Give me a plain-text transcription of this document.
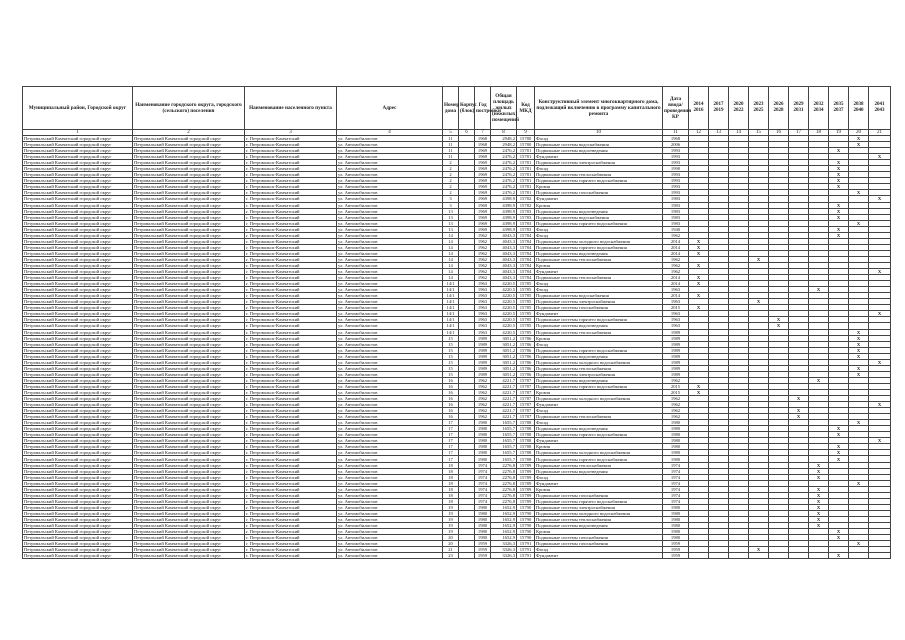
Муниципальный район, Городской округ	Наименование городского округа, городского (сельского) поселения	Наименование населенного пункта	Адрес	Номер дома	Корпус (блок)	Год постройки	Общая площадь жилых (нежилых) помещений	Код МКД	Конструктивный элемент многоквартирного дома, подлежащий включению в программу капитального ремонта	Дата ввода/проведения КР	2014 2016	2017 2019	2020 2022	2023 2025	2026 2028	2029 2031	2032 2034	2035 2037	2038 2040	2041 2043
1	2	3	4	5	6	7	8	9	10	11	12	13	14	15	16	17	18	19	20	21
Петровальский Камчатский городской округ	Петровальский Камчатский городской округ	г. Петровальск-Камчатский	ул. Автомобилистов	11		1968	2948,2	15780	Фасад	1968									X	
Петровальский Камчатский городской округ	Петровальский Камчатский городской округ	г. Петровальск-Камчатский	ул. Автомобилистов	11		1968	2948,2	15780	Подвальные системы водоснабжения	2006									X	
Петровальский Камчатский городской округ	Петровальский Камчатский городской округ	г. Петровальск-Камчатский	ул. Автомобилистов	11		1969	2476,2	15781	Подвальные системы водоотведения	1993								X		
Петровальский Камчатский городской округ	Петровальский Камчатский городской округ	г. Петровальск-Камчатский	ул. Автомобилистов	11		1969	2476,2	15781	Фундамент	1993										X
Петровальский Камчатский городской округ	Петровальский Камчатский городской округ	г. Петровальск-Камчатский	ул. Автомобилистов	2		1969	2476,2	15781	Подвальные системы электроснабжения	1993								X		
Петровальский Камчатский городской округ	Петровальский Камчатский городской округ	г. Петровальск-Камчатский	ул. Автомобилистов	2		1969	2476,2	15781	Фасад	1990								X		
Петровальский Камчатский городской округ	Петровальский Камчатский городской округ	г. Петровальск-Камчатский	ул. Автомобилистов	2		1969	2476,2	15781	Подвальные системы теплоснабжения	1993								X		
Петровальский Камчатский городской округ	Петровальский Камчатский городской округ	г. Петровальск-Камчатский	ул. Автомобилистов	2		1969	2476,2	15781	Подвальные системы горячего водоснабжения	1993								X		
Петровальский Камчатский городской округ	Петровальский Камчатский городской округ	г. Петровальск-Камчатский	ул. Автомобилистов	2		1969	2476,2	15781	Кровля	1993								X		
Петровальский Камчатский городской округ	Петровальский Камчатский городской округ	г. Петровальск-Камчатский	ул. Автомобилистов	2		1969	2476,2	15781	Подвальные системы газоснабжения	1993									X	
Петровальский Камчатский городской округ	Петровальский Камчатский городской округ	г. Петровальск-Камчатский	ул. Автомобилистов	3		1969	4398,9	15782	Фундамент	1983										X
Петровальский Камчатский городской округ	Петровальский Камчатский городской округ	г. Петровальск-Камчатский	ул. Автомобилистов	3		1969	4398,9	15782	Кровля	1983								X		
Петровальский Камчатский городской округ	Петровальский Камчатский городской округ	г. Петровальск-Камчатский	ул. Автомобилистов	13		1969	4398,9	15783	Подвальные системы водоотведения	1983								X		
Петровальский Камчатский городской округ	Петровальский Камчатский городской округ	г. Петровальск-Камчатский	ул. Автомобилистов	13		1969	4398,9	15783	Подвальные системы водоснабжения	1983								X		
Петровальский Камчатский городской округ	Петровальский Камчатский городской округ	г. Петровальск-Камчатский	ул. Автомобилистов	13		1969	4398,9	15783	Подвальные системы горячего водоснабжения	1983									X	
Петровальский Камчатский городской округ	Петровальский Камчатский городской округ	г. Петровальск-Камчатский	ул. Автомобилистов	13		1969	4398,9	15783	Фасад	1940								X		
Петровальский Камчатский городской округ	Петровальский Камчатский городской округ	г. Петровальск-Камчатский	ул. Автомобилистов	14		1962	4043,3	15784	Фасад	1962								X		
Петровальский Камчатский городской округ	Петровальский Камчатский городской округ	г. Петровальск-Камчатский	ул. Автомобилистов	14		1962	4043,3	15784	Подвальные системы холодного водоснабжения	2014	X									
Петровальский Камчатский городской округ	Петровальский Камчатский городской округ	г. Петровальск-Камчатский	ул. Автомобилистов	14		1962	4043,3	15784	Подвальные системы горячего водоснабжения	2014	X									
Петровальский Камчатский городской округ	Петровальский Камчатский городской округ	г. Петровальск-Камчатский	ул. Автомобилистов	14		1962	4043,3	15784	Подвальные системы водоотведения	2014	X									
Петровальский Камчатский городской округ	Петровальский Камчатский городской округ	г. Петровальск-Камчатский	ул. Автомобилистов	14		1962	4043,3	15784	Подвальные системы теплоснабжения	1962				X						
Петровальский Камчатский городской округ	Петровальский Камчатский городской округ	г. Петровальск-Камчатский	ул. Автомобилистов	14		1962	4043,3	15784	Кровля	1962	X									
Петровальский Камчатский городской округ	Петровальский Камчатский городской округ	г. Петровальск-Камчатский	ул. Автомобилистов	14		1962	4043,3	15784	Фундамент	1962										X
Петровальский Камчатский городской округ	Петровальский Камчатский городской округ	г. Петровальск-Камчатский	ул. Автомобилистов	14		1962	4043,3	15784	Подвальные системы теплоснабжения	2014	X									
Петровальский Камчатский городской округ	Петровальский Камчатский городской округ	г. Петровальск-Камчатский	ул. Автомобилистов	14/1		1963	4220,5	15785	Фасад	2014	X									
Петровальский Камчатский городской округ	Петровальский Камчатский городской округ	г. Петровальск-Камчатский	ул. Автомобилистов	14/1		1963	4220,5	15785	Фасад	1963							X			
Петровальский Камчатский городской округ	Петровальский Камчатский городской округ	г. Петровальск-Камчатский	ул. Автомобилистов	14/1		1963	4220,5	15785	Подвальные системы водоснабжения	2014	X									
Петровальский Камчатский городской округ	Петровальский Камчатский городской округ	г. Петровальск-Камчатский	ул. Автомобилистов	14/1		1963	4220,5	15785	Подвальные системы электроснабжения	1963				X						
Петровальский Камчатский городской округ	Петровальский Камчатский городской округ	г. Петровальск-Камчатский	ул. Автомобилистов	14/1		1963	4220,5	15785	Подвальные системы газоснабжения	2015	X									
Петровальский Камчатский городской округ	Петровальский Камчатский городской округ	г. Петровальск-Камчатский	ул. Автомобилистов	14/1		1963	4220,5	15785	Фундамент	1963										X
Петровальский Камчатский городской округ	Петровальский Камчатский городской округ	г. Петровальск-Камчатский	ул. Автомобилистов	14/1		1963	4220,5	15785	Подвальные системы горячего водоснабжения	1963					X					
Петровальский Камчатский городской округ	Петровальский Камчатский городской округ	г. Петровальск-Камчатский	ул. Автомобилистов	14/1		1963	4220,5	15785	Подвальные системы водоотведения	1963					X					
Петровальский Камчатский городской округ	Петровальский Камчатский городской округ	г. Петровальск-Камчатский	ул. Автомобилистов	14/1		1963	4220,5	15785	Подвальные системы теплоснабжения	1989									X	
Петровальский Камчатский городской округ	Петровальский Камчатский городской округ	г. Петровальск-Камчатский	ул. Автомобилистов	15		1989	3051,2	15786	Кровля	1989									X	
Петровальский Камчатский городской округ	Петровальский Камчатский городской округ	г. Петровальск-Камчатский	ул. Автомобилистов	15		1989	3051,2	15786	Фасад	1989									X	
Петровальский Камчатский городской округ	Петровальский Камчатский городской округ	г. Петровальск-Камчатский	ул. Автомобилистов	15		1989	3051,2	15786	Подвальные системы горячего водоснабжения	1989									X	
Петровальский Камчатский городской округ	Петровальский Камчатский городской округ	г. Петровальск-Камчатский	ул. Автомобилистов	15		1989	3051,2	15786	Подвальные системы водоотведения	1989									X	
Петровальский Камчатский городской округ	Петровальский Камчатский городской округ	г. Петровальск-Камчатский	ул. Автомобилистов	15		1989	3051,2	15786	Подвальные системы холодного водоснабжения	1989										X
Петровальский Камчатский городской округ	Петровальский Камчатский городской округ	г. Петровальск-Камчатский	ул. Автомобилистов	15		1989	3051,2	15786	Подвальные системы теплоснабжения	1989									X	
Петровальский Камчатский городской округ	Петровальский Камчатский городской округ	г. Петровальск-Камчатский	ул. Автомобилистов	15		1989	3051,2	15786	Подвальные системы электроснабжения	1989									X	
Петровальский Камчатский городской округ	Петровальский Камчатский городской округ	г. Петровальск-Камчатский	ул. Автомобилистов	16		1962	4221,7	15787	Подвальные системы водоотведения	1962							X			
Петровальский Камчатский городской округ	Петровальский Камчатский городской округ	г. Петровальск-Камчатский	ул. Автомобилистов	16		1962	4221,7	15787	Подвальные системы горячего водоснабжения	2015	X									
Петровальский Камчатский городской округ	Петровальский Камчатский городской округ	г. Петровальск-Камчатский	ул. Автомобилистов	16		1962	4221,7	15787	Кровля	2015	X									
Петровальский Камчатский городской округ	Петровальский Камчатский городской округ	г. Петровальск-Камчатский	ул. Автомобилистов	16		1962	4221,7	15787	Подвальные системы холодного водоснабжения	1962						X				
Петровальский Камчатский городской округ	Петровальский Камчатский городской округ	г. Петровальск-Камчатский	ул. Автомобилистов	16		1962	4221,7	15787	Фундамент	1962										X
Петровальский Камчатский городской округ	Петровальский Камчатский городской округ	г. Петровальск-Камчатский	ул. Автомобилистов	16		1962	4221,7	15787	Фасад	1962						X				
Петровальский Камчатский городской округ	Петровальский Камчатский городской округ	г. Петровальск-Камчатский	ул. Автомобилистов	16		1962	4221,7	15787	Подвальные системы теплоснабжения	1962						X				
Петровальский Камчатский городской округ	Петровальский Камчатский городской округ	г. Петровальск-Камчатский	ул. Автомобилистов	17		1980	1655,7	15788	Фасад	1980									X	
Петровальский Камчатский городской округ	Петровальский Камчатский городской округ	г. Петровальск-Камчатский	ул. Автомобилистов	17		1980	1655,7	15788	Подвальные системы водоотведения	1980								X		
Петровальский Камчатский городской округ	Петровальский Камчатский городской округ	г. Петровальск-Камчатский	ул. Автомобилистов	17		1980	1655,7	15788	Подвальные системы горячего водоснабжения	1980								X		
Петровальский Камчатский городской округ	Петровальский Камчатский городской округ	г. Петровальск-Камчатский	ул. Автомобилистов	17		1980	1655,7	15788	Фундамент	1980										X
Петровальский Камчатский городской округ	Петровальский Камчатский городской округ	г. Петровальск-Камчатский	ул. Автомобилистов	17		1980	1655,7	15788	Кровля	1980								X		
Петровальский Камчатский городской округ	Петровальский Камчатский городской округ	г. Петровальск-Камчатский	ул. Автомобилистов	17		1980	1655,7	15788	Подвальные системы холодного водоснабжения	1980								X		
Петровальский Камчатский городской округ	Петровальский Камчатский городской округ	г. Петровальск-Камчатский	ул. Автомобилистов	17		1980	1655,7	15788	Подвальные системы горячего водоснабжения	1980								X		
Петровальский Камчатский городской округ	Петровальский Камчатский городской округ	г. Петровальск-Камчатский	ул. Автомобилистов	18		1974	2276,8	15789	Подвальные системы теплоснабжения	1974							X			
Петровальский Камчатский городской округ	Петровальский Камчатский городской округ	г. Петровальск-Камчатский	ул. Автомобилистов	18		1974	2276,8	15789	Подвальные системы водоотведения	1974							X			
Петровальский Камчатский городской округ	Петровальский Камчатский городской округ	г. Петровальск-Камчатский	ул. Автомобилистов	18		1974	2276,8	15789	Фасад	1974							X			
Петровальский Камчатский городской округ	Петровальский Камчатский городской округ	г. Петровальск-Камчатский	ул. Автомобилистов	18		1974	2276,8	15789	Фундамент	1974									X	
Петровальский Камчатский городской округ	Петровальский Камчатский городской округ	г. Петровальск-Камчатский	ул. Автомобилистов	18		1974	2276,8	15789	Кровля	1974							X			
Петровальский Камчатский городской округ	Петровальский Камчатский городской округ	г. Петровальск-Камчатский	ул. Автомобилистов	18		1974	2276,8	15789	Подвальные системы газоснабжения	1974							X			
Петровальский Камчатский городской округ	Петровальский Камчатский городской округ	г. Петровальск-Камчатский	ул. Автомобилистов	18		1974	2276,8	15789	Подвальные системы горячего водоснабжения	1974							X			
Петровальский Камчатский городской округ	Петровальский Камчатский городской округ	г. Петровальск-Камчатский	ул. Автомобилистов	19		1980	1652,9	15790	Подвальные системы электроснабжения	1980							X			
Петровальский Камчатский городской округ	Петровальский Камчатский городской округ	г. Петровальск-Камчатский	ул. Автомобилистов	19		1980	1652,9	15790	Подвальные системы холодного водоснабжения	1980							X			
Петровальский Камчатский городской округ	Петровальский Камчатский городской округ	г. Петровальск-Камчатский	ул. Автомобилистов	19		1980	1652,9	15790	Подвальные системы теплоснабжения	1980							X			
Петровальский Камчатский городской округ	Петровальский Камчатский городской округ	г. Петровальск-Камчатский	ул. Автомобилистов	19		1980	1652,9	15790	Подвальные системы водоотведения	1980							X			
Петровальский Камчатский городской округ	Петровальский Камчатский городской округ	г. Петровальск-Камчатский	ул. Автомобилистов	19		1980	1652,9	15790	Кровля	1980								X		
Петровальский Камчатский городской округ	Петровальский Камчатский городской округ	г. Петровальск-Камчатский	ул. Автомобилистов	20		1980	1652,9	15790	Подвальные системы газоснабжения	1980								X		
Петровальский Камчатский городской округ	Петровальский Камчатский городской округ	г. Петровальск-Камчатский	ул. Автомобилистов	20		1959	3326,3	15791	Подвальные системы газоснабжения	1959									X	
Петровальский Камчатский городской округ	Петровальский Камчатский городской округ	г. Петровальск-Камчатский	ул. Автомобилистов	21		1959	3326,3	15791	Фасад	1959				X						
Петровальский Камчатский городской округ	Петровальский Камчатский городской округ	г. Петровальск-Камчатский	ул. Автомобилистов	23		1959	3326,3	15791	Фундамент	1959								X		
